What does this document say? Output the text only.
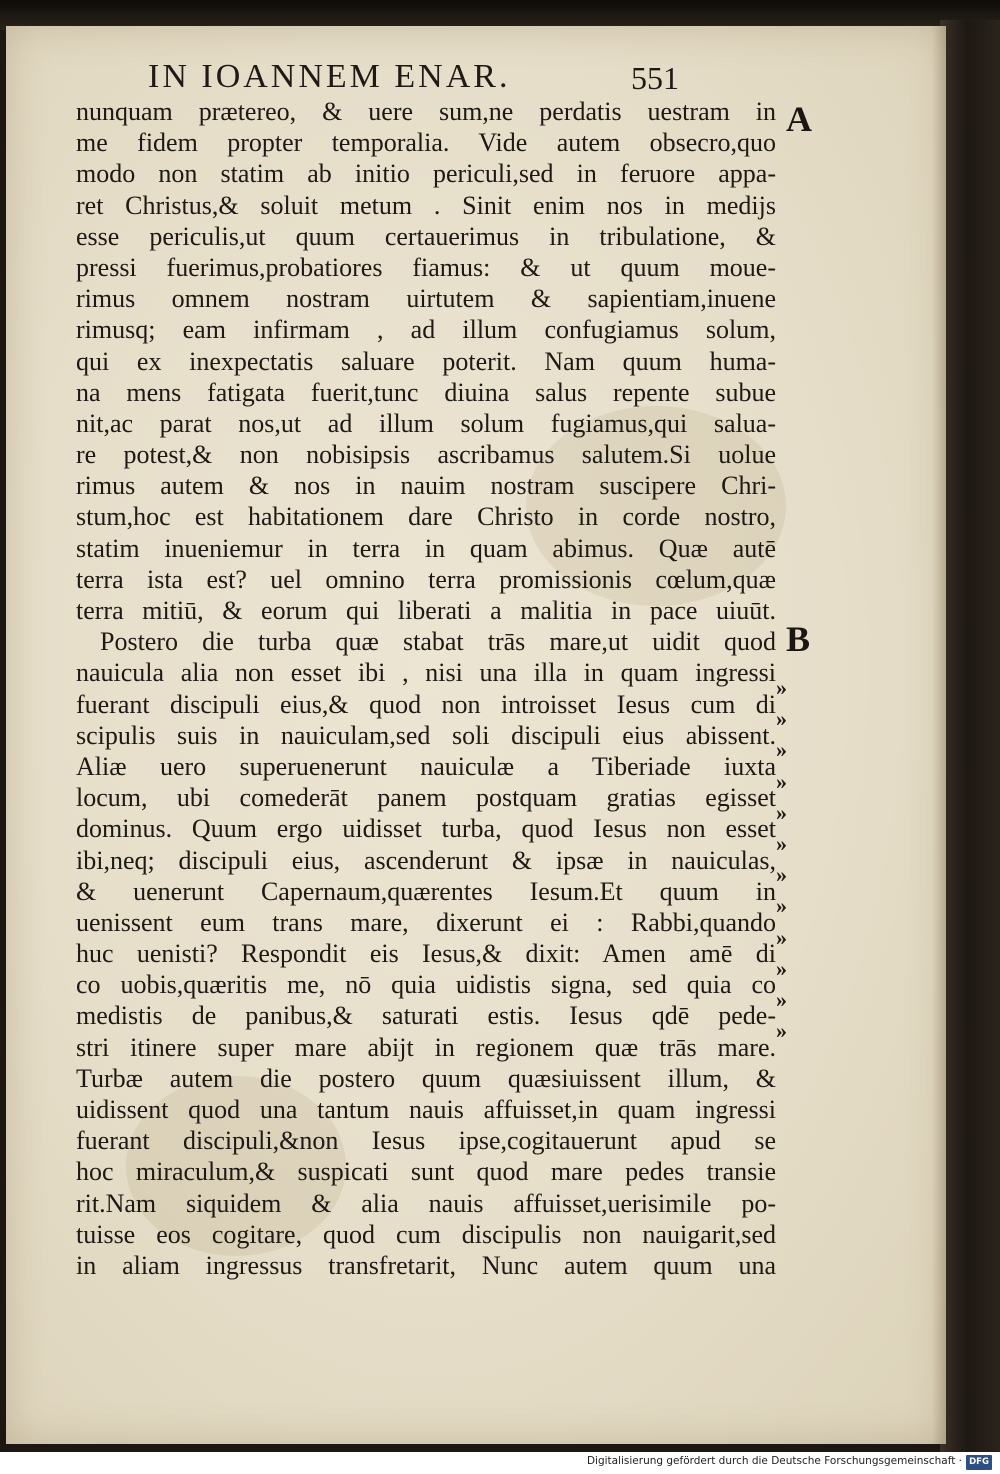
IN IOANNEM ENAR.	551
A
B
nunquam prætereo, & uere sum,ne perdatis uestram in
me fidem propter temporalia. Vide autem obsecro,quo
modo non statim ab initio periculi,sed in feruore appa-
ret Christus,& soluit metum . Sinit enim nos in medijs
esse periculis,ut quum certauerimus in tribulatione, &
pressi fuerimus,probatiores fiamus: & ut quum moue-
rimus omnem nostram uirtutem & sapientiam,inuene
rimusq; eam infirmam , ad illum confugiamus solum,
qui ex inexpectatis saluare poterit. Nam quum huma-
na mens fatigata fuerit,tunc diuina salus repente subue
nit,ac parat nos,ut ad illum solum fugiamus,qui salua-
re potest,& non nobisipsis ascribamus salutem.Si uolue
rimus autem & nos in nauim nostram suscipere Chri-
stum,hoc est habitationem dare Christo in corde nostro,
statim inueniemur in terra in quam abimus. Quæ autē
terra ista est? uel omnino terra promissionis cœlum,quæ
terra mitiū, & eorum qui liberati a malitia in pace uiuūt.
Postero die turba quæ stabat trās mare,ut uidit quod
nauicula alia non esset ibi , nisi una illa in quam ingressi
fuerant discipuli eius,& quod non introisset Iesus cum di
scipulis suis in nauiculam,sed soli discipuli eius abissent.
Aliæ uero superuenerunt nauiculæ a Tiberiade iuxta
locum, ubi comederāt panem postquam gratias egisset
dominus. Quum ergo uidisset turba, quod Iesus non esset
ibi,neq; discipuli eius, ascenderunt & ipsæ in nauiculas,
& uenerunt Capernaum,quærentes Iesum.Et quum in
uenissent eum trans mare, dixerunt ei : Rabbi,quando
huc uenisti? Respondit eis Iesus,& dixit: Amen amē di
co uobis,quæritis me, nō quia uidistis signa, sed quia co
medistis de panibus,& saturati estis. Iesus qdē pede-
stri itinere super mare abijt in regionem quæ trās mare.
Turbæ autem die postero quum quæsiuissent illum, &
uidissent quod una tantum nauis affuisset,in quam ingressi
fuerant discipuli,&non Iesus ipse,cogitauerunt apud se
hoc miraculum,& suspicati sunt quod mare pedes transie
rit.Nam siquidem & alia nauis affuisset,uerisimile po-
tuisse eos cogitare, quod cum discipulis non nauigarit,sed
in aliam ingressus transfretarit, Nunc autem quum una
»
»
»
»
»
»
»
»
»
»
»
»
Digitalisierung gefördert durch die Deutsche Forschungsgemeinschaft · DFG
